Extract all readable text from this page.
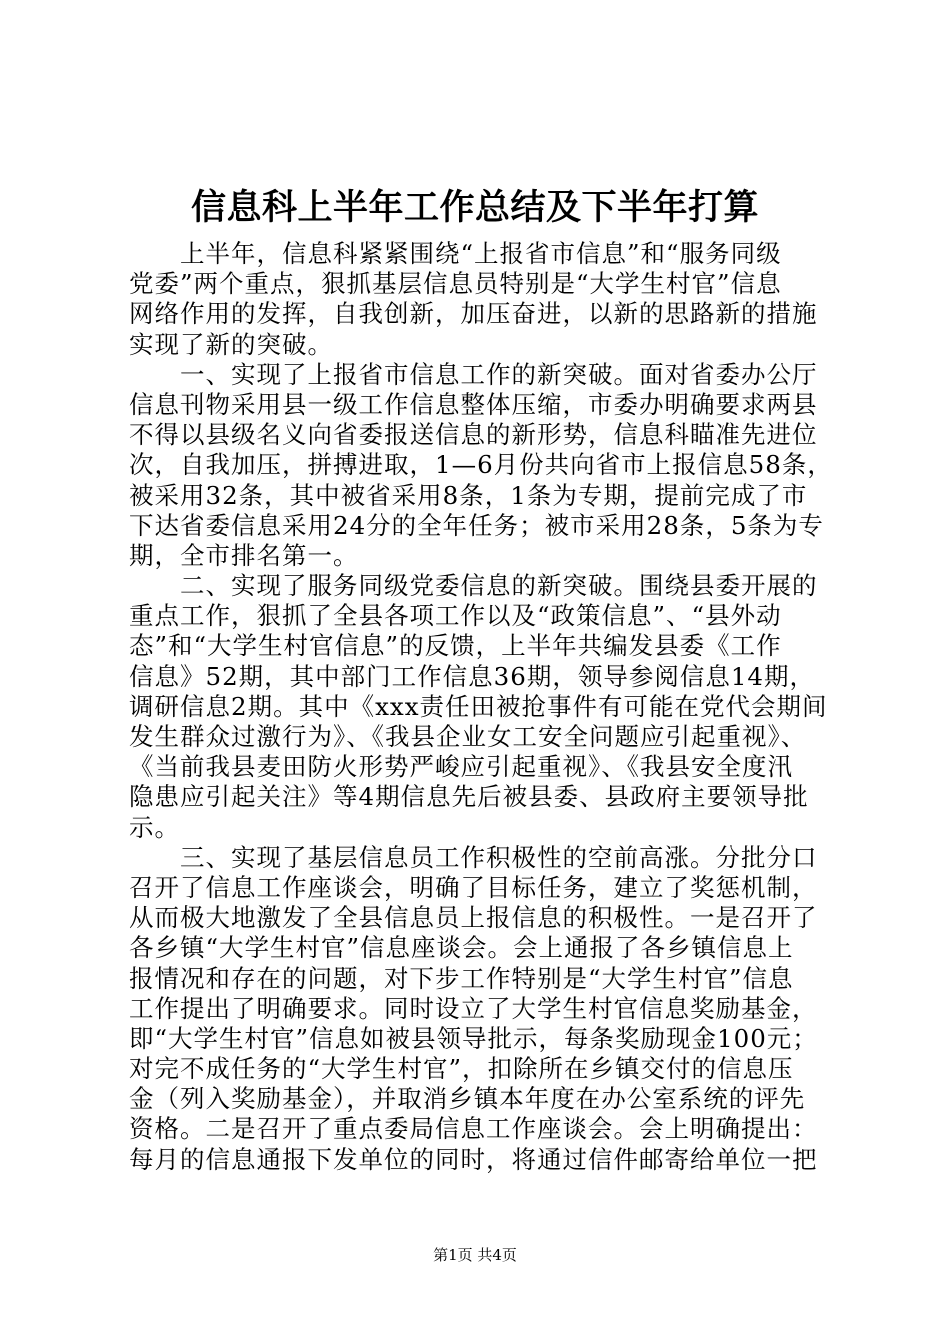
信息科上半年工作总结及下半年打算
　　上半年，信息科紧紧围绕“上报省市信息”和“服务同级
党委”两个重点，狠抓基层信息员特别是“大学生村官”信息
网络作用的发挥，自我创新，加压奋进，以新的思路新的措施
实现了新的突破。
　　一、实现了上报省市信息工作的新突破。面对省委办公厅
信息刊物采用县一级工作信息整体压缩，市委办明确要求两县
不得以县级名义向省委报送信息的新形势，信息科瞄准先进位
次，自我加压，拼搏进取，1—6月份共向省市上报信息58条，
被采用32条，其中被省采用8条，1条为专期，提前完成了市
下达省委信息采用24分的全年任务；被市采用28条，5条为专
期，全市排名第一。
　　二、实现了服务同级党委信息的新突破。围绕县委开展的
重点工作，狠抓了全县各项工作以及“政策信息”、“县外动
态”和“大学生村官信息”的反馈，上半年共编发县委《工作
信息》52期，其中部门工作信息36期，领导参阅信息14期，
调研信息2期。其中《xxx责任田被抢事件有可能在党代会期间
发生群众过激行为》、《我县企业女工安全问题应引起重视》、
《当前我县麦田防火形势严峻应引起重视》、《我县安全度汛
隐患应引起关注》等4期信息先后被县委、县政府主要领导批
示。
　　三、实现了基层信息员工作积极性的空前高涨。分批分口
召开了信息工作座谈会，明确了目标任务，建立了奖惩机制，
从而极大地激发了全县信息员上报信息的积极性。一是召开了
各乡镇“大学生村官”信息座谈会。会上通报了各乡镇信息上
报情况和存在的问题，对下步工作特别是“大学生村官”信息
工作提出了明确要求。同时设立了大学生村官信息奖励基金，
即“大学生村官”信息如被县领导批示，每条奖励现金100元；
对完不成任务的“大学生村官”，扣除所在乡镇交付的信息压
金（列入奖励基金），并取消乡镇本年度在办公室系统的评先
资格。二是召开了重点委局信息工作座谈会。会上明确提出：
每月的信息通报下发单位的同时，将通过信件邮寄给单位一把
第1页 共4页
